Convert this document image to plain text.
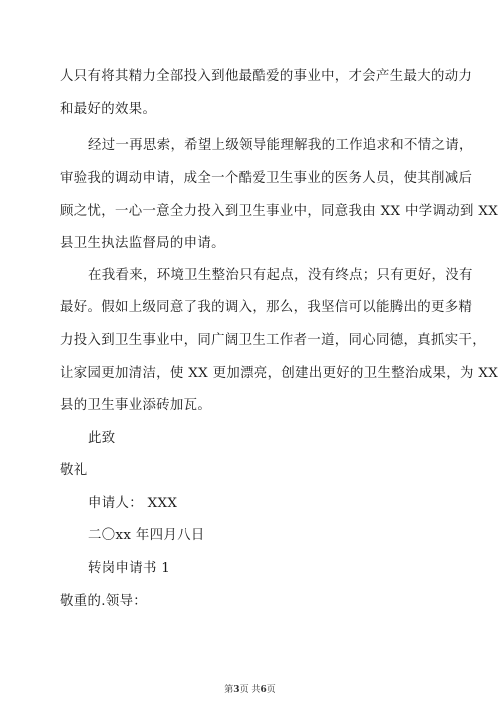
人只有将其精力全部投入到他最酷爱的事业中，才会产生最大的动力
和最好的效果。
经过一再思索，希望上级领导能理解我的工作追求和不情之请，
审验我的调动申请，成全一个酷爱卫生事业的医务人员，使其削减后
顾之忧，一心一意全力投入到卫生事业中，同意我由 XX 中学调动到 XX
县卫生执法监督局的申请。
在我看来，环境卫生整治只有起点，没有终点；只有更好，没有
最好。假如上级同意了我的调入，那么，我坚信可以能腾出的更多精
力投入到卫生事业中，同广阔卫生工作者一道，同心同德，真抓实干，
让家园更加清洁，使 XX 更加漂亮，创建出更好的卫生整治成果，为 XX
县的卫生事业添砖加瓦。
此致
敬礼
申请人： XXX
二〇xx 年四月八日
转岗申请书 1
敬重的.领导：
第3页 共6页
